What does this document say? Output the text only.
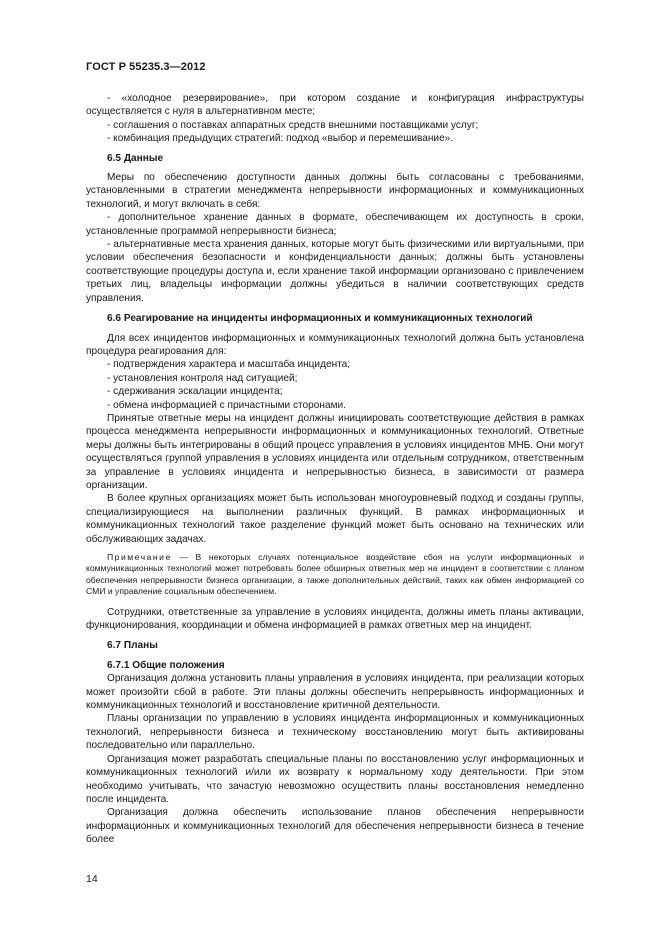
ГОСТ Р 55235.3—2012

- «холодное резервирование», при котором создание и конфигурация инфраструктуры осуществляется с нуля в альтернативном месте;

- соглашения о поставках аппаратных средств внешними поставщиками услуг;

- комбинация предыдущих стратегий: подход «выбор и перемешивание».

6.5 Данные

Меры по обеспечению доступности данных должны быть согласованы с требованиями, установленными в стратегии менеджмента непрерывности информационных и коммуникационных технологий, и могут включать в себя:

- дополнительное хранение данных в формате, обеспечивающем их доступность в сроки, установленные программой непрерывности бизнеса;

- альтернативные места хранения данных, которые могут быть физическими или виртуальными, при условии обеспечения безопасности и конфиденциальности данных; должны быть установлены соответствующие процедуры доступа и, если хранение такой информации организовано с привлечением третьих лиц, владельцы информации должны убедиться в наличии соответствующих средств управления.

6.6 Реагирование на инциденты информационных и коммуникационных технологий

Для всех инцидентов информационных и коммуникационных технологий должна быть установлена процедура реагирования для:

- подтверждения характера и масштаба инцидента;

- установления контроля над ситуацией;

- сдерживания эскалации инцидента;

- обмена информацией с причастными сторонами.

Принятые ответные меры на инцидент должны инициировать соответствующие действия в рамках процесса менеджмента непрерывности информационных и коммуникационных технологий. Ответные меры должны быть интегрированы в общий процесс управления в условиях инцидентов МНБ. Они могут осуществляться группой управления в условиях инцидента или отдельным сотрудником, ответственным за управление в условиях инцидента и непрерывностью бизнеса, в зависимости от размера организации.

В более крупных организациях может быть использован многоуровневый подход и созданы группы, специализирующиеся на выполнении различных функций. В рамках информационных и коммуникационных технологий такое разделение функций может быть основано на технических или обслуживающих задачах.

Примечание — В некоторых случаях потенциальное воздействие сбоя на услуги информационных и коммуникационных технологий может потребовать более обширных ответных мер на инцидент в соответствии с планом обеспечения непрерывности бизнеса организации, а также дополнительных действий, таких как обмен информацией со СМИ и управление социальным обеспечением.

Сотрудники, ответственные за управление в условиях инцидента, должны иметь планы активации, функционирования, координации и обмена информацией в рамках ответных мер на инцидент.

6.7 Планы

6.7.1 Общие положения

Организация должна установить планы управления в условиях инцидента, при реализации которых может произойти сбой в работе. Эти планы должны обеспечить непрерывность информационных и коммуникационных технологий и восстановление критичной деятельности.

Планы организации по управлению в условиях инцидента информационных и коммуникационных технологий, непрерывности бизнеса и техническому восстановлению могут быть активированы последовательно или параллельно.

Организация может разработать специальные планы по восстановлению услуг информационных и коммуникационных технологий и/или их возврату к нормальному ходу деятельности. При этом необходимо учитывать, что зачастую невозможно осуществить планы восстановления немедленно после инцидента.

Организация должна обеспечить использование планов обеспечения непрерывности информационных и коммуникационных технологий для обеспечения непрерывности бизнеса в течение более

14
